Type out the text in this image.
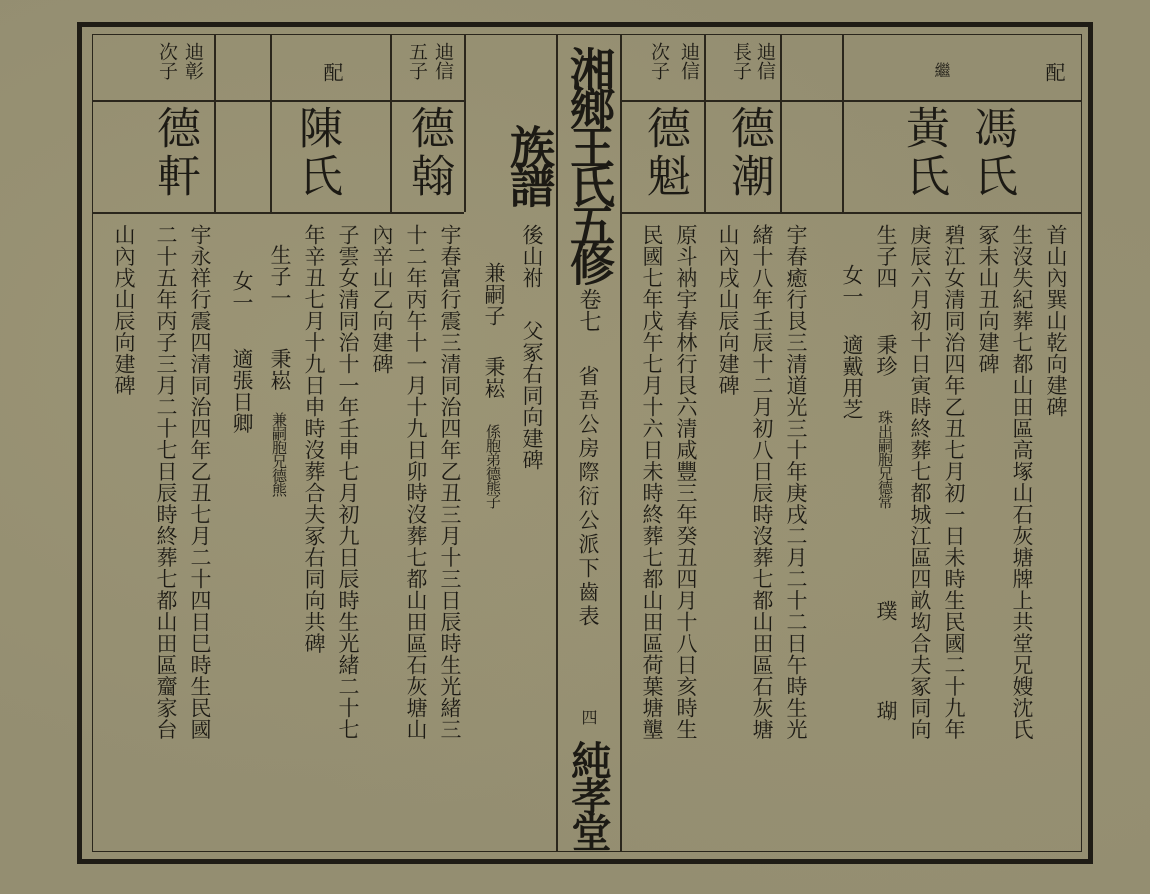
湘鄉王氏五修族譜
卷七
省吾公房際衍公派下齒表
四
純孝堂
配
繼
馮氏
黃氏
迪信
長子
德潮
迪信
次子
德魁
首山內巽山乾向建碑
生沒失紀葬七都山田區高塚山石灰塘牌上共堂兄嫂沈氏
冢未山丑向建碑
碧江女清同治四年乙丑七月初一日未時生民國二十九年
庚辰六月初十日寅時終葬七都城江區四畝㘭合夫冢同向
生子四
秉珍
珠出嗣胞兄德常
璞
瑚
女一
適戴用芝
宇春癒行艮三清道光三十年庚戌二月二十二日午時生光
緒十八年壬辰十二月初八日辰時沒葬七都山田區石灰塘
山內戌山辰向建碑
原斗衲宇春林行艮六清咸豐三年癸丑四月十八日亥時生
民國七年戊午七月十六日未時終葬七都山田區荷葉塘壟
後山祔
父冢右同向建碑
兼嗣子
秉崧
係胞弟德熊子
迪信
五子
德翰
配
陳氏
迪彰
次子
德軒
宇春富行震三清同治四年乙丑三月十三日辰時生光緒三
十二年丙午十一月十九日卯時沒葬七都山田區石灰塘山
內辛山乙向建碑
子雲女清同治十一年壬申七月初九日辰時生光緒二十七
年辛丑七月十九日申時沒葬合夫冢右同向共碑
生子一
秉崧
兼嗣胞兄德熊
女一
適張日卿
宇永祥行震四清同治四年乙丑七月二十四日巳時生民國
二十五年丙子三月二十七日辰時終葬七都山田區齏家台
山內戌山辰向建碑
